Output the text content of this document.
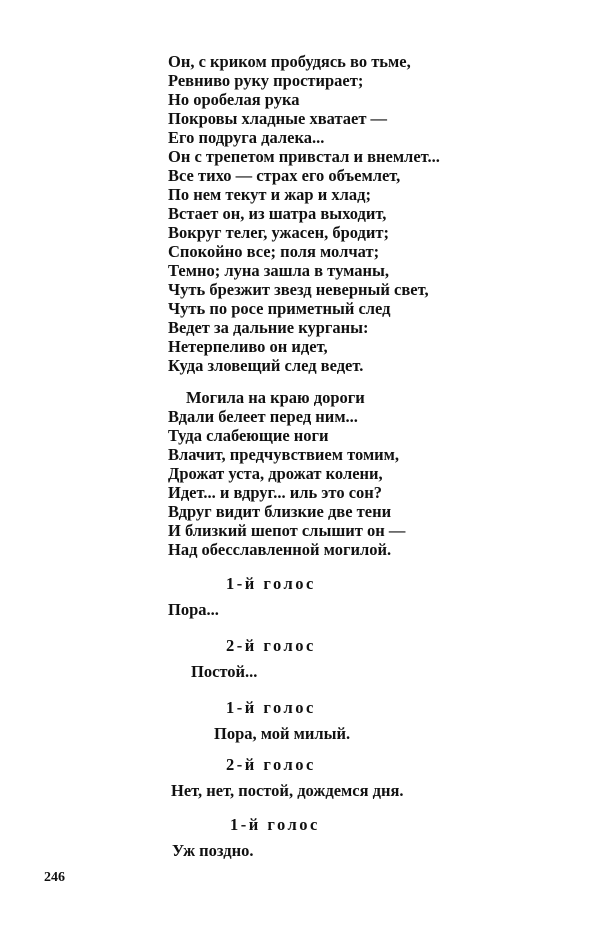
Он, с криком пробудясь во тьме,
Ревниво руку простирает;
Но оробелая рука
Покровы хладные хватает —
Его подруга далека...
Он с трепетом привстал и внемлет...
Все тихо — страх его объемлет,
По нем текут и жар и хлад;
Встает он, из шатра выходит,
Вокруг телег, ужасен, бродит;
Спокойно все; поля молчат;
Темно; луна зашла в туманы,
Чуть брезжит звезд неверный свет,
Чуть по росе приметный след
Ведет за дальние курганы:
Нетерпеливо он идет,
Куда зловещий след ведет.
Могила на краю дороги
Вдали белеет перед ним...
Туда слабеющие ноги
Влачит, предчувствием томим,
Дрожат уста, дрожат колени,
Идет... и вдруг... иль это сон?
Вдруг видит близкие две тени
И близкий шепот слышит он —
Над обесславленной могилой.
1-й голос
Пора...
2-й голос
Постой...
1-й голос
Пора, мой милый.
2-й голос
Нет, нет, постой, дождемся дня.
1-й голос
Уж поздно.
246
